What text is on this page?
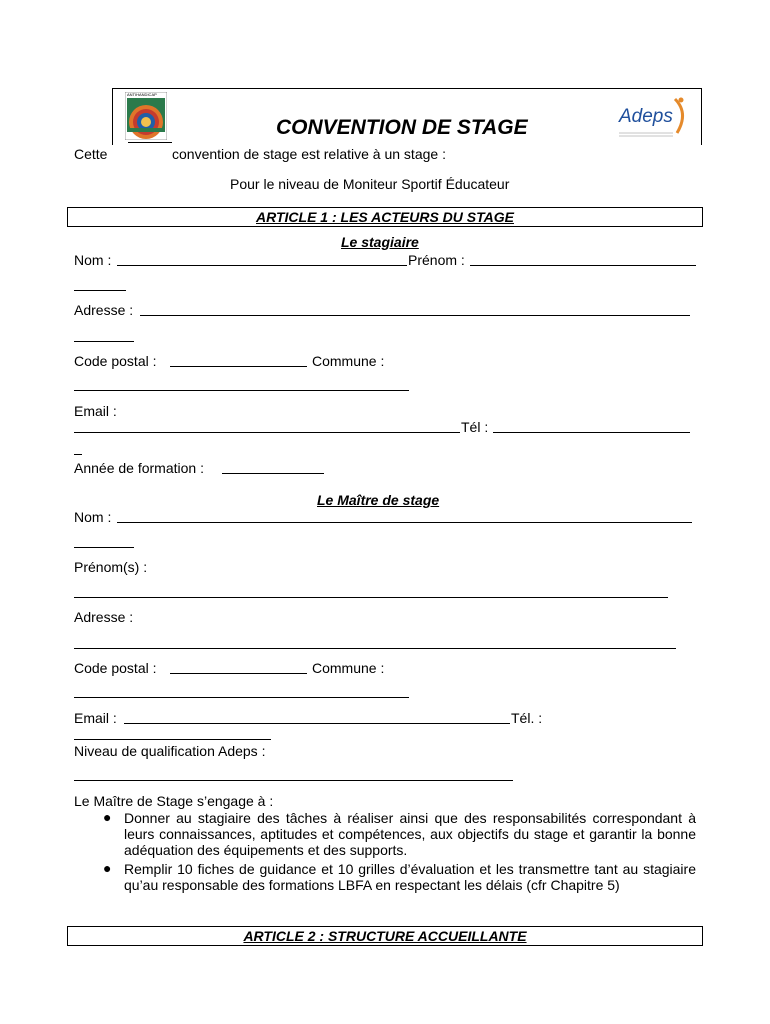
ANTIHANDICAP
CONVENTION DE STAGE	Adeps
Cette	convention de stage est relative à un stage :
Pour le niveau de Moniteur Sportif Éducateur
ARTICLE 1 : LES ACTEURS DU STAGE
Le stagiaire
Nom :	Prénom :
Adresse :
Code postal :	Commune :
Email :
Tél :
Année de formation :
Le Maître de stage
Nom :
Prénom(s) :
Adresse :
Code postal :	Commune :
Email :	Tél. :
Niveau de qualification Adeps :
Le Maître de Stage s’engage à :
● Donner au stagiaire des tâches à réaliser ainsi que des responsabilités correspondant à leurs connaissances, aptitudes et compétences, aux objectifs du stage et garantir la bonne adéquation des équipements et des supports.
● Remplir 10 fiches de guidance et 10 grilles d’évaluation et les transmettre tant au stagiaire qu’au responsable des formations LBFA en respectant les délais (cfr Chapitre 5)
ARTICLE 2 : STRUCTURE ACCUEILLANTE
